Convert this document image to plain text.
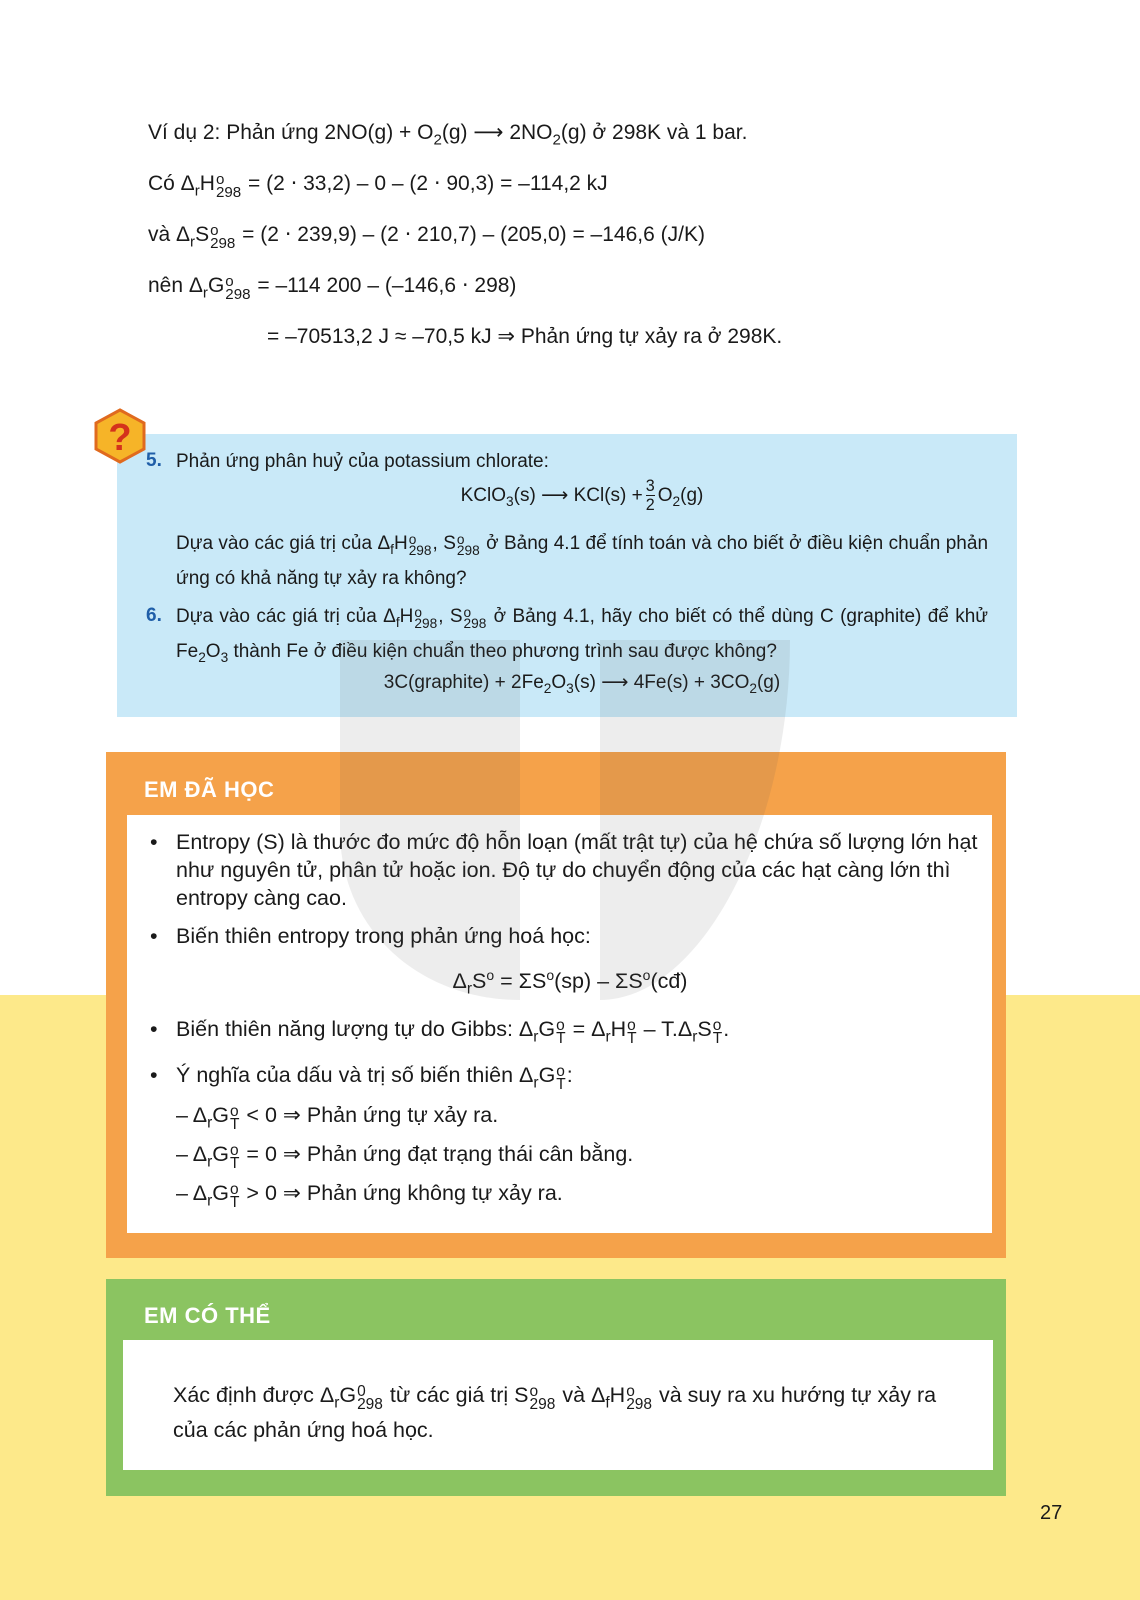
Ví dụ 2: Phản ứng $2NO(g) + O_2(g)$ ⟶ $2NO_2(g)$ ở 298K và 1 bar.
Có $\Delta_rH$ o
298 = (2 ⋅ 33,2) – 0 – (2 ⋅ 90,3) = –114,2 kJ
và $\Delta_rS$ o
298 = (2 ⋅ 239,9) – (2 ⋅ 210,7) – (205,0) = –146,6 (J/K)
nên $\Delta_rG$ o
298 = –114 200 – (–146,6 ⋅ 298)
= –70513,2 J ≈ –70,5 kJ ⇒ Phản ứng tự xảy ra ở 298K.
?
5. Phản ứng phân huỷ của potassium chlorate:
KClO$_3$(s) ⟶ $KCl(s) + \frac{3}{2} O_2(g)$
Dựa vào các giá trị của $\Delta_fH$ o
298 , S o
298 ở Bảng 4.1 để tính toán và cho biết ở điều kiện chuẩn phản ứng có khả năng tự xảy ra không?
6. Dựa vào các giá trị của $\Delta_fH$ o
298 , S o
298 ở Bảng 4.1, hãy cho biết có thể dùng C (graphite) để khử $Fe_2O_3$ thành Fe ở điều kiện chuẩn theo phương trình sau được không?
3C(graphite) + $2Fe_2O_3(s)$ ⟶ $4Fe(s) + 3CO_2(g)$
EM ĐÃ HỌC
• Entropy (S) là thước đo mức độ hỗn loạn (mất trật tự) của hệ chứa số lượng lớn hạt như nguyên tử, phân tử hoặc ion. Độ tự do chuyển động của các hạt càng lớn thì entropy càng cao.
• Biến thiên entropy trong phản ứng hoá học:
$\Delta_rS^o = \Sigma S^o(sp)$ – $\Sigma S^o(cđ)$
• Biến thiên năng lượng tự do Gibbs: $\Delta_rG$ o
$T = \Delta_rH$ o
T – $T.\Delta_rS$ o
T .
• Ý nghĩa của dấu và trị số biến thiên $\Delta_rG$ o
T :
– $\Delta_rG$ o
T < 0 ⇒ Phản ứng tự xảy ra.
– $\Delta_rG$ o
T = 0 ⇒ Phản ứng đạt trạng thái cân bằng.
– $\Delta_rG$ o
T > 0 ⇒ Phản ứng không tự xảy ra.
EM CÓ THỂ
Xác định được $\Delta_rG$ 0
298 từ các giá trị S o
298 và $\Delta_fH$ o
298 và suy ra xu hướng tự xảy ra
của các phản ứng hoá học.
27
